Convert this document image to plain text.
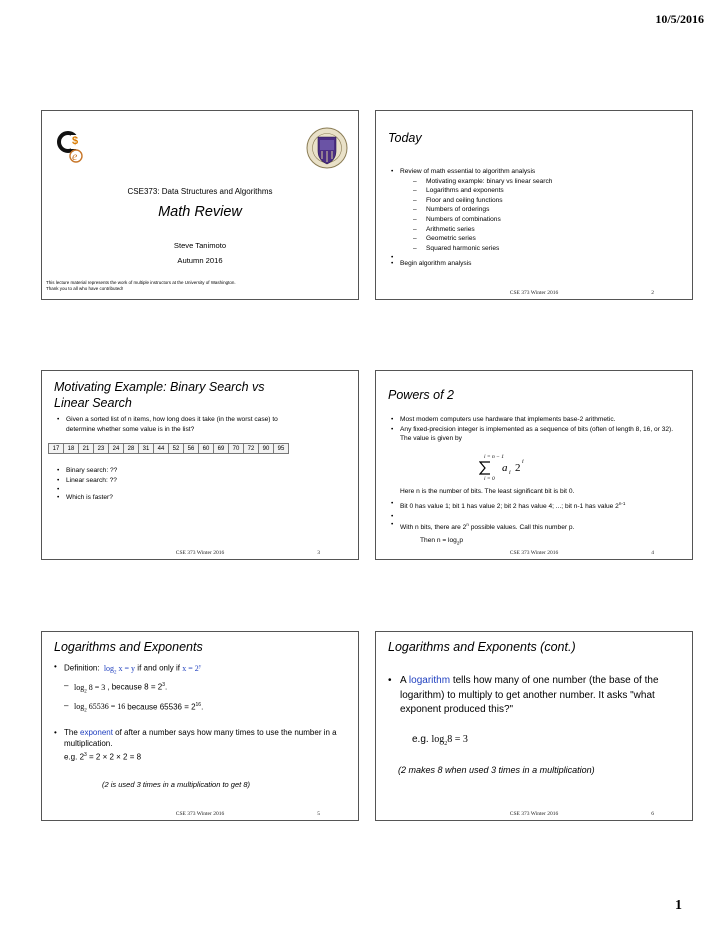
10/5/2016
$
e
CSE373: Data Structures and Algorithms
Math Review
Steve Tanimoto
Autumn 2016
This lecture material represents the work of multiple instructors at the University of Washington.
Thank you to all who have contributed!
Today
• Review of math essential to algorithm analysis
– Motivating example: binary vs linear search
– Logarithms and exponents
– Floor and ceiling functions
– Numbers of orderings
– Numbers of combinations
– Arithmetic series
– Geometric series
– Squared harmonic series
•
• Begin algorithm analysis
CSE 373 Winter 2016	2
Motivating Example: Binary Search vs
Linear Search
• Given a sorted list of n items, how long does it take (in the worst case) to determine whether some value is in the list?
17	18	21	23	24	28	31	44	52	56	60	69	70	72	90	95
• Binary search: ??
• Linear search: ??
•
• Which is faster?
CSE 373 Winter 2016	3
Powers of 2
• Most modern computers use hardware that implements base-2 arithmetic.
• Any fixed-precision integer is implemented as a sequence of bits (often of length 8, 16, or 32). The value is given by
i = n − 1
i = 0
a i 2 i
Here n is the number of bits. The least significant bit is bit 0.
• Bit 0 has value 1; bit 1 has value 2; bit 2 has value 4; ...; bit n-1 has value 2$^{n-1}$
•
• With n bits, there are 2$^n$ possible values. Call this number p.
Then $n = \log_2p$
CSE 373 Winter 2016	4
Logarithms and Exponents
• Definition: $\log_2 x = y$ if and only if $x = 2^y$
– $\log_2 8 = 3$ , because $8 = 2^3$.
– $\log_2 65536 = 16$ because $65536 = 2^{16}$.
• The exponent of after a number says how many times to use the number in a multiplication.
e.g. $2^3 = 2 \times 2 \times 2 = 8$
(2 is used 3 times in a multiplication to get 8)
CSE 373 Winter 2016	5
Logarithms and Exponents (cont.)
• A logarithm tells how many of one number (the base of the logarithm) to multiply to get another number. It asks "what exponent produced this?"
e.g. $\log_28 = 3$
(2 makes 8 when used 3 times in a multiplication)
CSE 373 Winter 2016	6
1
